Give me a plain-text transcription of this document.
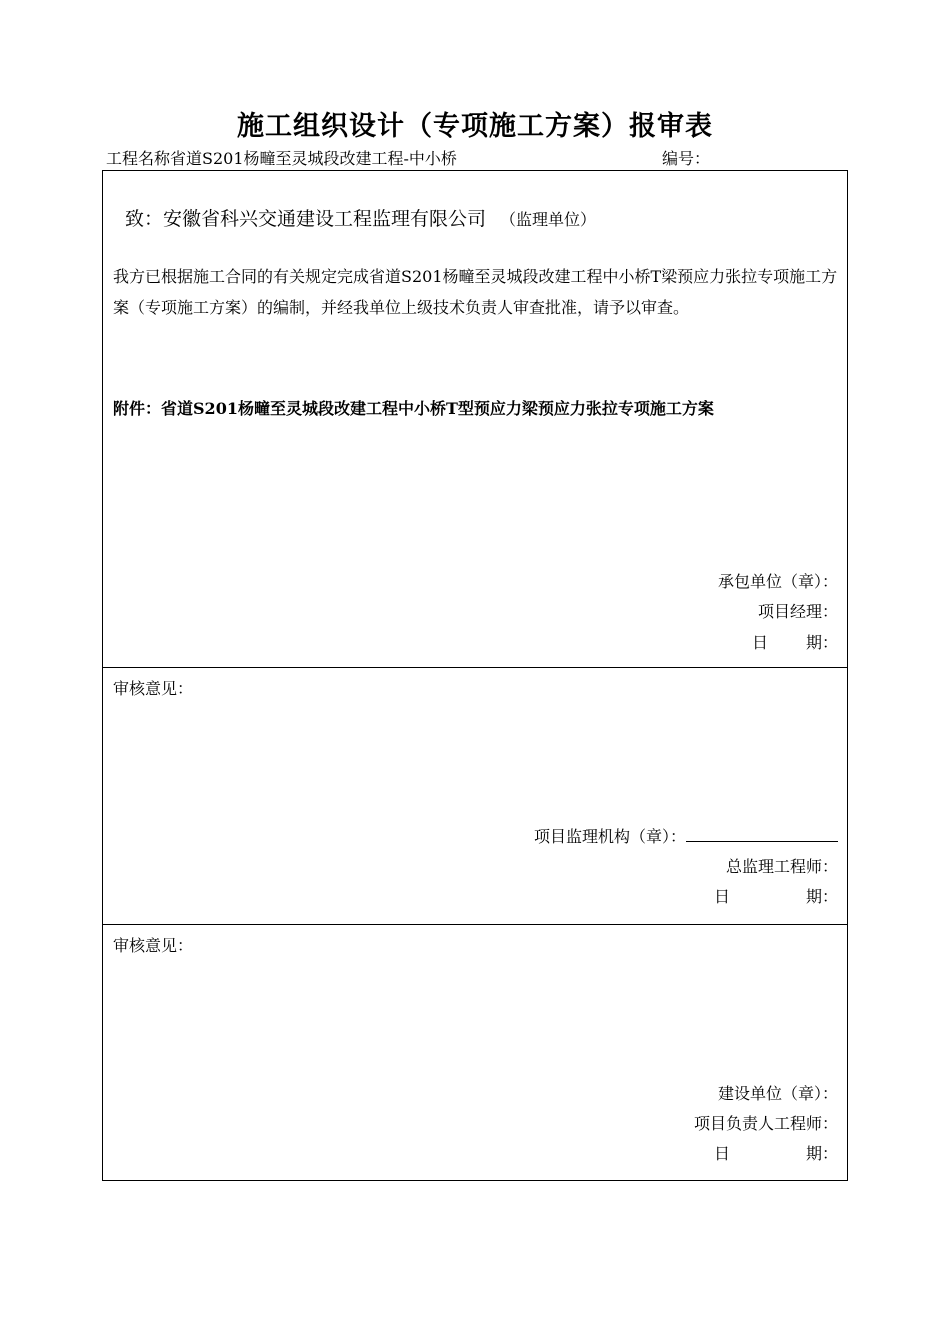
施工组织设计（专项施工方案）报审表
工程名称省道S201杨疃至灵城段改建工程-中小桥	编号：
致：安徽省科兴交通建设工程监理有限公司 （监理单位）
我方已根据施工合同的有关规定完成省道S201杨疃至灵城段改建工程中小桥T梁预应力张拉专项施工方案（专项施工方案）的编制，并经我单位上级技术负责人审查批准，请予以审查。
附件：省道S201杨疃至灵城段改建工程中小桥T型预应力梁预应力张拉专项施工方案
承包单位（章）：
项目经理：
日 期：
审核意见：
项目监理机构（章）：
总监理工程师：
日	期：
审核意见：
建设单位（章）：
项目负责人工程师：
日	期：
